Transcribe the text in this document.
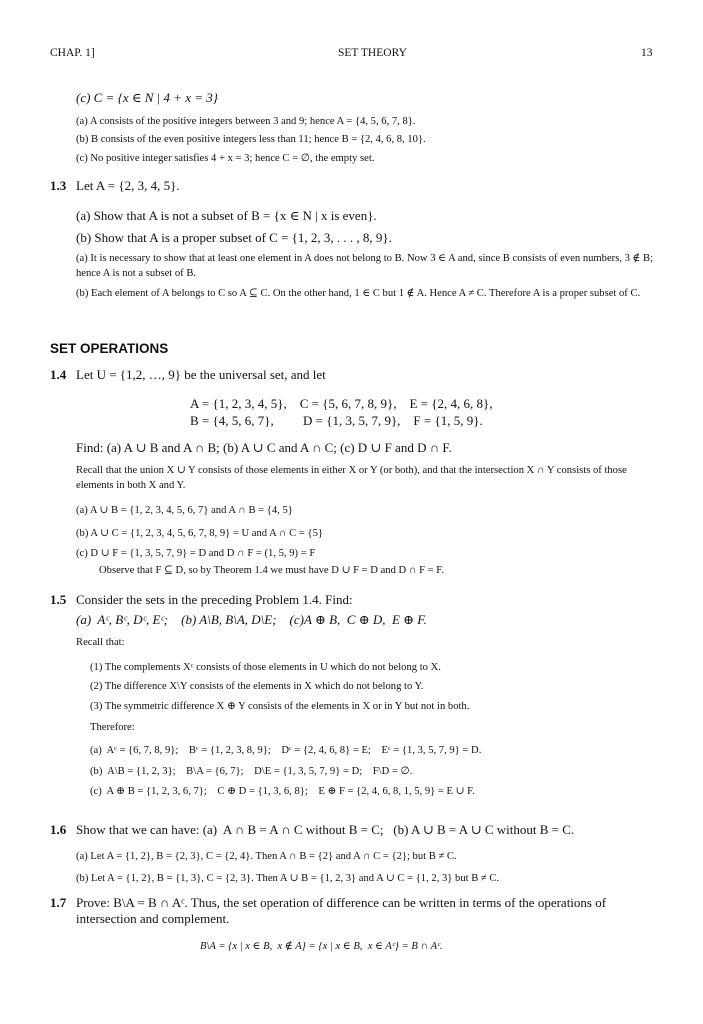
CHAP. 1]	SET THEORY	13
(c) C = {x ∈ N | 4 + x = 3}
(a) A consists of the positive integers between 3 and 9; hence A = {4, 5, 6, 7, 8}.
(b) B consists of the even positive integers less than 11; hence B = {2, 4, 6, 8, 10}.
(c) No positive integer satisfies 4 + x = 3; hence C = ∅, the empty set.
1.3 Let A = {2, 3, 4, 5}.
(a) Show that A is not a subset of B = {x ∈ N | x is even}.
(b) Show that A is a proper subset of C = {1, 2, 3, . . . , 8, 9}.
(a) It is necessary to show that at least one element in A does not belong to B. Now 3 ∈ A and, since B consists of even numbers, 3 ∉ B; hence A is not a subset of B.
(b) Each element of A belongs to C so A ⊆ C. On the other hand, 1 ∈ C but 1 ∉ A. Hence A ≠ C. Therefore A is a proper subset of C.
SET OPERATIONS
1.4 Let U = {1,2, …, 9} be the universal set, and let
A = {1, 2, 3, 4, 5},    C = {5, 6, 7, 8, 9},    E = {2, 4, 6, 8},
B = {4, 5, 6, 7},         D = {1, 3, 5, 7, 9},    F = {1, 5, 9}.
Find: (a) A ∪ B and A ∩ B; (b) A ∪ C and A ∩ C; (c) D ∪ F and D ∩ F.
Recall that the union X ∪ Y consists of those elements in either X or Y (or both), and that the intersection X ∩ Y consists of those elements in both X and Y.
(a) A ∪ B = {1, 2, 3, 4, 5, 6, 7} and A ∩ B = {4, 5}
(b) A ∪ C = {1, 2, 3, 4, 5, 6, 7, 8, 9} = U and A ∩ C = {5}
(c) D ∪ F = {1, 3, 5, 7, 9} = D and D ∩ F = (1, 5, 9) = F
Observe that F ⊆ D, so by Theorem 1.4 we must have D ∪ F = D and D ∩ F = F.
1.5 Consider the sets in the preceding Problem 1.4. Find:
(a)  Aᶜ, Bᶜ, Dᶜ, Eᶜ;    (b) A\B, B\A, D\E;    (c)A ⊕ B,  C ⊕ D,  E ⊕ F.
Recall that:
(1) The complements Xᶜ consists of those elements in U which do not belong to X.
(2) The difference X\Y consists of the elements in X which do not belong to Y.
(3) The symmetric difference X ⊕ Y consists of the elements in X or in Y but not in both.
Therefore:
(a)  Aᶜ = {6, 7, 8, 9};    Bᶜ = {1, 2, 3, 8, 9};    Dᶜ = {2, 4, 6, 8} = E;    Eᶜ = {1, 3, 5, 7, 9} = D.
(b)  A\B = {1, 2, 3};    B\A = {6, 7};    D\E = {1, 3, 5, 7, 9} = D;    F\D = ∅.
(c)  A ⊕ B = {1, 2, 3, 6, 7};    C ⊕ D = {1, 3, 6, 8};    E ⊕ F = {2, 4, 6, 8, 1, 5, 9} = E ∪ F.
1.6 Show that we can have: (a)  A ∩ B = A ∩ C without B = C;   (b) A ∪ B = A ∪ C without B = C.
(a) Let A = {1, 2}, B = {2, 3}, C = {2, 4}. Then A ∩ B = {2} and A ∩ C = {2}; but B ≠ C.
(b) Let A = {1, 2}, B = {1, 3}, C = {2, 3}. Then A ∪ B = {1, 2, 3} and A ∪ C = {1, 2, 3} but B ≠ C.
1.7 Prove: B\A = B ∩ Aᶜ. Thus, the set operation of difference can be written in terms of the operations of intersection and complement.
B\A = {x | x ∈ B,  x ∉ A} = {x | x ∈ B,  x ∈ Aᶜ} = B ∩ Aᶜ.
